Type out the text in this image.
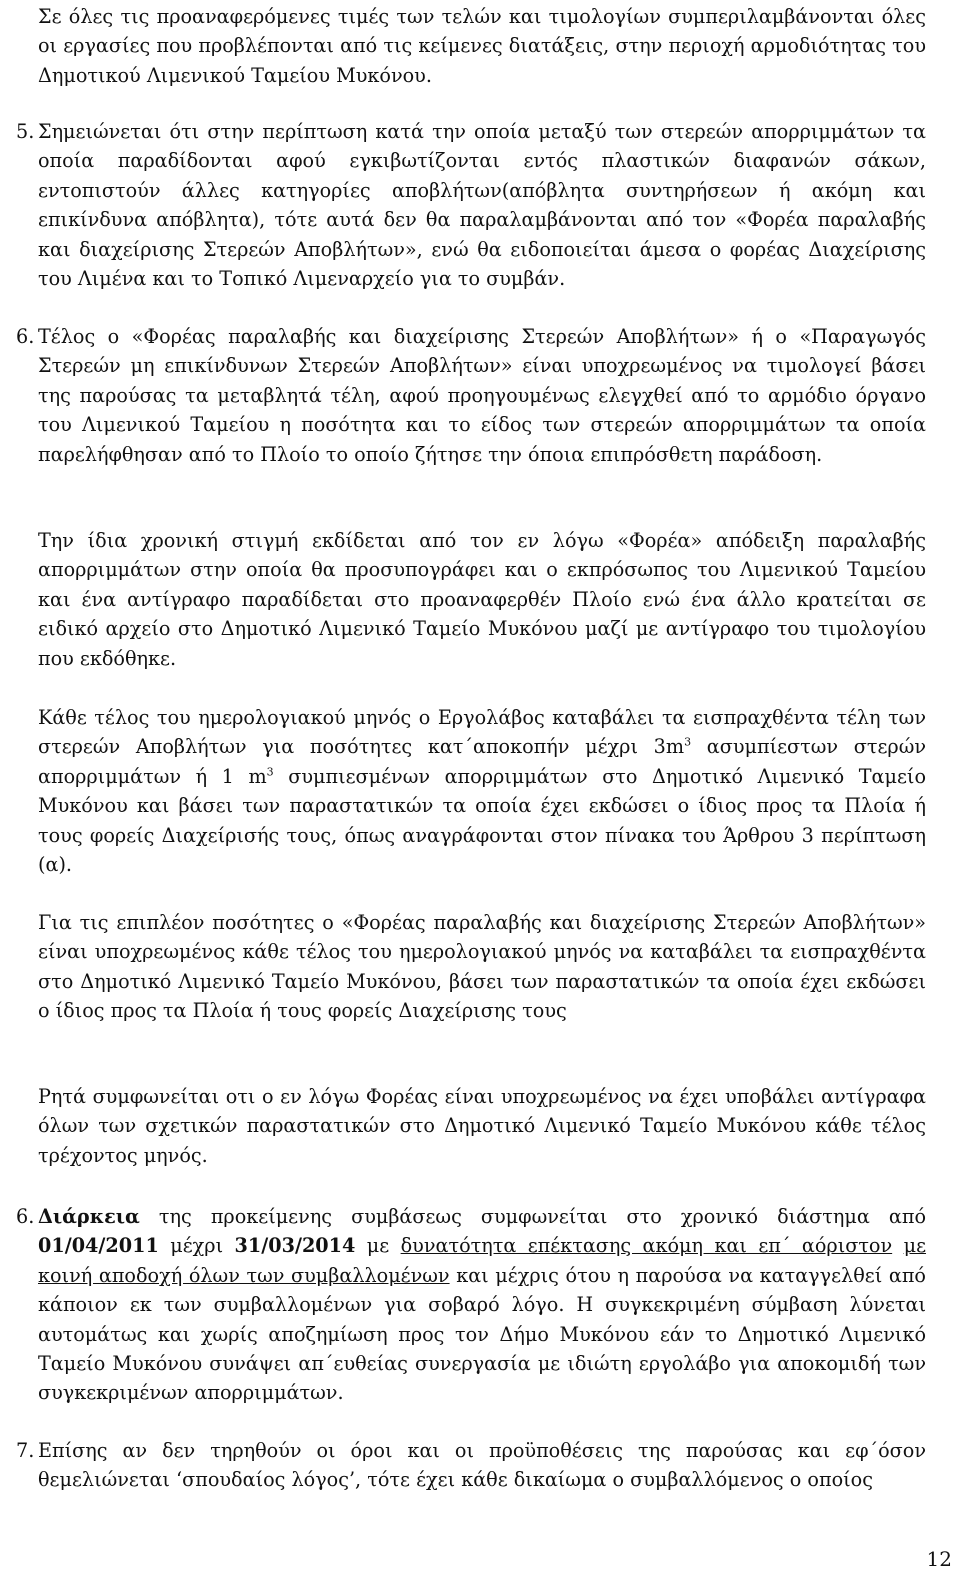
Σε όλες τις προαναφερόμενες τιμές των τελών και τιμολογίων συμπεριλαμβάνονται όλες οι εργασίες που προβλέπονται από τις κείμενες διατάξεις, στην περιοχή αρμοδιότητας του Δημοτικού Λιμενικού Ταμείου Μυκόνου.

5. Σημειώνεται ότι στην περίπτωση κατά την οποία μεταξύ των στερεών απορριμμάτων τα οποία παραδίδονται αφού εγκιβωτίζονται εντός πλαστικών διαφανών σάκων, εντοπιστούν άλλες κατηγορίες αποβλήτων(απόβλητα συντηρήσεων ή ακόμη και επικίνδυνα απόβλητα), τότε αυτά δεν θα παραλαμβάνονται από τον «Φορέα παραλαβής και διαχείρισης Στερεών Αποβλήτων», ενώ θα ειδοποιείται άμεσα ο φορέας Διαχείρισης του Λιμένα και το Τοπικό Λιμεναρχείο για το συμβάν.

6. Τέλος ο «Φορέας παραλαβής και διαχείρισης Στερεών Αποβλήτων» ή ο «Παραγωγός Στερεών μη επικίνδυνων Στερεών Αποβλήτων» είναι υποχρεωμένος να τιμολογεί βάσει της παρούσας τα μεταβλητά τέλη, αφού προηγουμένως ελεγχθεί από το αρμόδιο όργανο του Λιμενικού Ταμείου η ποσότητα και το είδος των στερεών απορριμμάτων τα οποία παρελήφθησαν από το Πλοίο το οποίο ζήτησε την όποια επιπρόσθετη παράδοση.

Την ίδια χρονική στιγμή εκδίδεται από τον εν λόγω «Φορέα» απόδειξη παραλαβής απορριμμάτων στην οποία θα προσυπογράφει και ο εκπρόσωπος του Λιμενικού Ταμείου και ένα αντίγραφο παραδίδεται στο προαναφερθέν Πλοίο ενώ ένα άλλο κρατείται σε ειδικό αρχείο στο Δημοτικό Λιμενικό Ταμείο Μυκόνου μαζί με αντίγραφο του τιμολογίου που εκδόθηκε.

Κάθε τέλος του ημερολογιακού μηνός ο Εργολάβος καταβάλει τα εισπραχθέντα τέλη των στερεών Αποβλήτων για ποσότητες κατ΄αποκοπήν μέχρι $3m^3$ ασυμπίεστων στερών απορριμμάτων ή 1 $m^3$ συμπιεσμένων απορριμμάτων στο Δημοτικό Λιμενικό Ταμείο Μυκόνου και βάσει των παραστατικών τα οποία έχει εκδώσει ο ίδιος προς τα Πλοία ή τους φορείς Διαχείρισής τους, όπως αναγράφονται στον πίνακα του Άρθρου 3 περίπτωση (α).

Για τις επιπλέον ποσότητες ο «Φορέας παραλαβής και διαχείρισης Στερεών Αποβλήτων» είναι υποχρεωμένος κάθε τέλος του ημερολογιακού μηνός να καταβάλει τα εισπραχθέντα στο Δημοτικό Λιμενικό Ταμείο Μυκόνου, βάσει των παραστατικών τα οποία έχει εκδώσει ο ίδιος προς τα Πλοία ή τους φορείς Διαχείρισης τους

Ρητά συμφωνείται οτι ο εν λόγω Φορέας είναι υποχρεωμένος να έχει υποβάλει αντίγραφα όλων των σχετικών παραστατικών στο Δημοτικό Λιμενικό Ταμείο Μυκόνου κάθε τέλος τρέχοντος μηνός.

6. Διάρκεια της προκείμενης συμβάσεως συμφωνείται στο χρονικό διάστημα από 01/04/2011 μέχρι 31/03/2014 με δυνατότητα επέκτασης ακόμη και επ΄ αόριστον με κοινή αποδοχή όλων των συμβαλλομένων και μέχρις ότου η παρούσα να καταγγελθεί από κάποιον εκ των συμβαλλομένων για σοβαρό λόγο. Η συγκεκριμένη σύμβαση λύνεται αυτομάτως και χωρίς αποζημίωση προς τον Δήμο Μυκόνου εάν το Δημοτικό Λιμενικό Ταμείο Μυκόνου συνάψει απ΄ευθείας συνεργασία με ιδιώτη εργολάβο για αποκομιδή των συγκεκριμένων απορριμμάτων.

7. Επίσης αν δεν τηρηθούν οι όροι και οι προϋποθέσεις της παρούσας και εφ΄όσον θεμελιώνεται ‘σπουδαίος λόγος’, τότε έχει κάθε δικαίωμα ο συμβαλλόμενος ο οποίος

12
